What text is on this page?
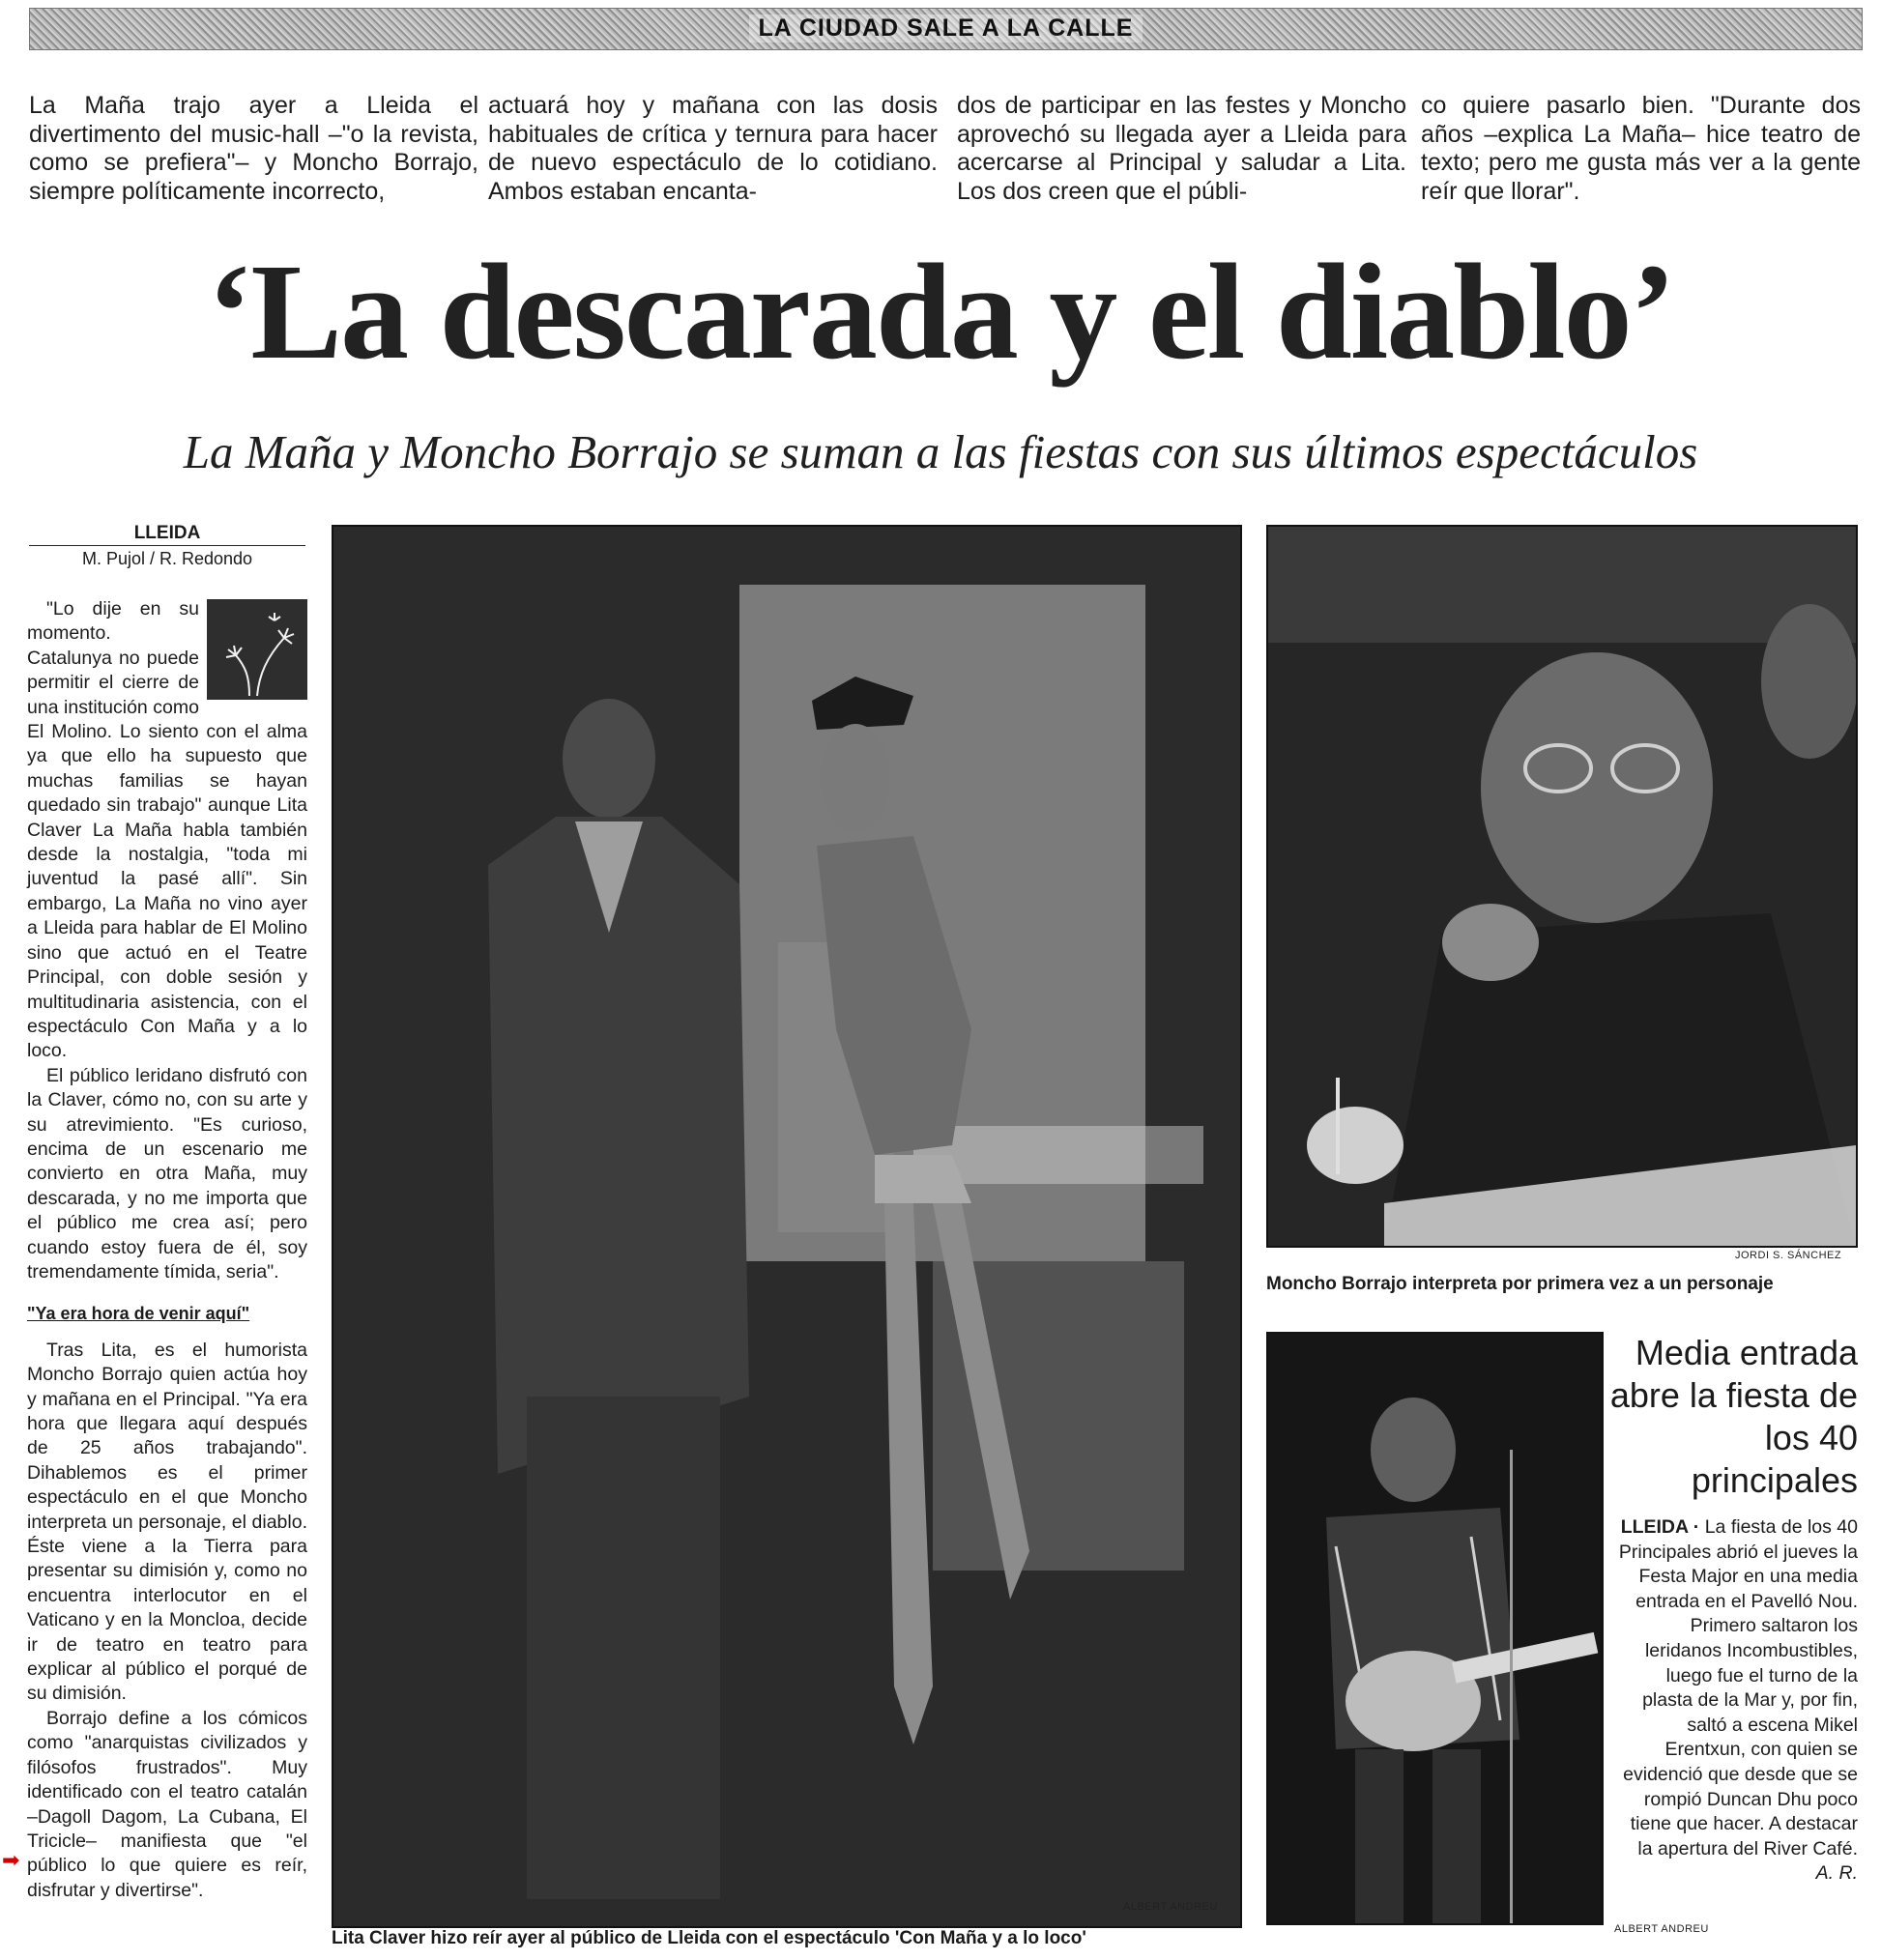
LA CIUDAD SALE A LA CALLE
La Maña trajo ayer a Lleida el divertimento del music-hall –"o la revista, como se prefiera"– y Moncho Borrajo, siempre políticamente incorrecto,
actuará hoy y mañana con las dosis habituales de crítica y ternura para hacer de nuevo espectáculo de lo cotidiano. Ambos estaban encanta-
dos de participar en las festes y Moncho aprovechó su llegada ayer a Lleida para acercarse al Principal y saludar a Lita. Los dos creen que el públi-
co quiere pasarlo bien. "Durante dos años –explica La Maña– hice teatro de texto; pero me gusta más ver a la gente reír que llorar".
‘La descarada y el diablo’
La Maña y Moncho Borrajo se suman a las fiestas con sus últimos espectáculos
LLEIDA
M. Pujol / R. Redondo

"Lo dije en su momento. Catalunya no puede permitir el cierre de una institución como El Molino. Lo siento con el alma ya que ello ha supuesto que muchas familias se hayan quedado sin trabajo" aunque Lita Claver La Maña habla también desde la nostalgia, "toda mi juventud la pasé allí". Sin embargo, La Maña no vino ayer a Lleida para hablar de El Molino sino que actuó en el Teatre Principal, con doble sesión y multitudinaria asistencia, con el espectáculo Con Maña y a lo loco.

El público leridano disfrutó con la Claver, cómo no, con su arte y su atrevimiento. "Es curioso, encima de un escenario me convierto en otra Maña, muy descarada, y no me importa que el público me crea así; pero cuando estoy fuera de él, soy tremendamente tímida, seria".

"Ya era hora de venir aquí"

Tras Lita, es el humorista Moncho Borrajo quien actúa hoy y mañana en el Principal. "Ya era hora que llegara aquí después de 25 años trabajando". Dihablemos es el primer espectáculo en el que Moncho interpreta un personaje, el diablo. Éste viene a la Tierra para presentar su dimisión y, como no encuentra interlocutor en el Vaticano y en la Moncloa, decide ir de teatro en teatro para explicar al público el porqué de su dimisión.

Borrajo define a los cómicos como "anarquistas civilizados y filósofos frustrados". Muy identificado con el teatro catalán –Dagoll Dagom, La Cubana, El Tricicle– manifiesta que "el público lo que quiere es reír, disfrutar y divertirse".

➡
ALBERT ANDREU
Lita Claver hizo reír ayer al público de Lleida con el espectáculo 'Con Maña y a lo loco'
JORDI S. SÁNCHEZ
Moncho Borrajo interpreta por primera vez a un personaje
ALBERT ANDREU
Media entrada abre la fiesta de los 40 principales
LLEIDA · La fiesta de los 40 Principales abrió el jueves la Festa Major en una media entrada en el Pavelló Nou. Primero saltaron los leridanos Incombustibles, luego fue el turno de la plasta de la Mar y, por fin, saltó a escena Mikel Erentxun, con quien se evidenció que desde que se rompió Duncan Dhu poco tiene que hacer. A destacar la apertura del River Café.
A. R.
